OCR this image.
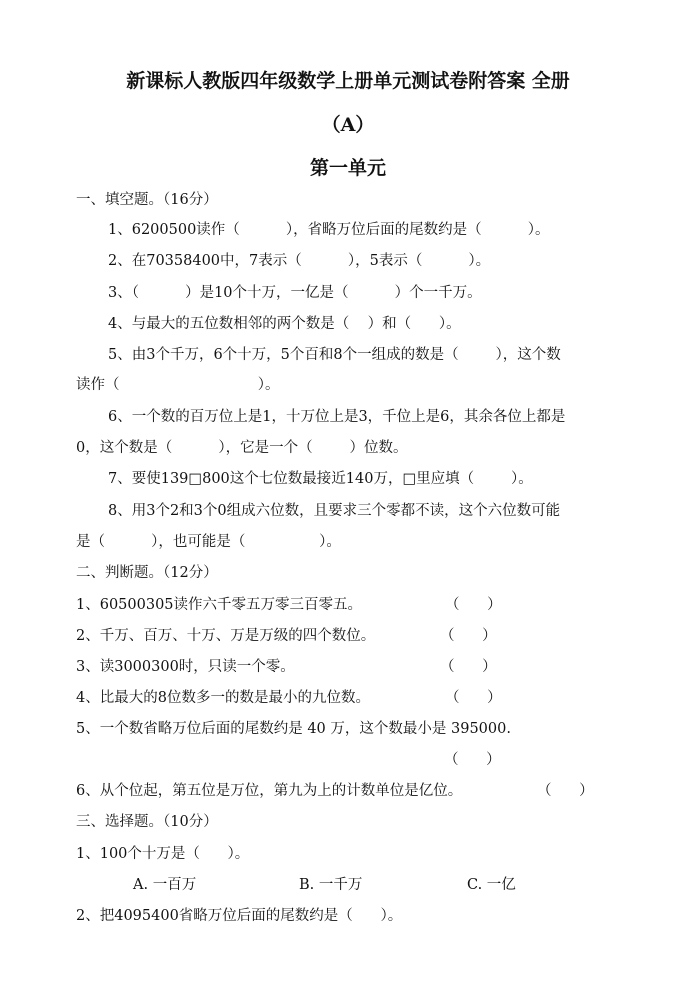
新课标人教版四年级数学上册单元测试卷附答案 全册
（A）
第一单元
一、填空题。（16分）
1、6200500读作（          ），省略万位后面的尾数约是（          ）。
2、在70358400中，7表示（          ），5表示（          ）。
3、（          ）是10个十万，一亿是（          ）个一千万。
4、与最大的五位数相邻的两个数是（    ）和（      ）。
5、由3个千万，6个十万，5个百和8个一组成的数是（        ），这个数
读作（                              ）。
6、一个数的百万位上是1，十万位上是3，千位上是6，其余各位上都是
0，这个数是（          ），它是一个（        ）位数。
7、要使139□800这个七位数最接近140万，□里应填（        ）。
8、用3个2和3个0组成六位数，且要求三个零都不读，这个六位数可能
是（          ），也可能是（                ）。
二、判断题。（12分）
1、60500305读作六千零五万零三百零五。	（      ）
2、千万、百万、十万、万是万级的四个数位。	（      ）
3、读3000300时，只读一个零。	（      ）
4、比最大的8位数多一的数是最小的九位数。	（      ）
5、一个数省略万位后面的尾数约是 40 万，这个数最小是 395000.
（      ）
6、从个位起，第五位是万位，第九为上的计数单位是亿位。	（      ）
三、选择题。（10分）
1、100个十万是（      ）。
A. 一百万	B. 一千万	C. 一亿
2、把4095400省略万位后面的尾数约是（      ）。
